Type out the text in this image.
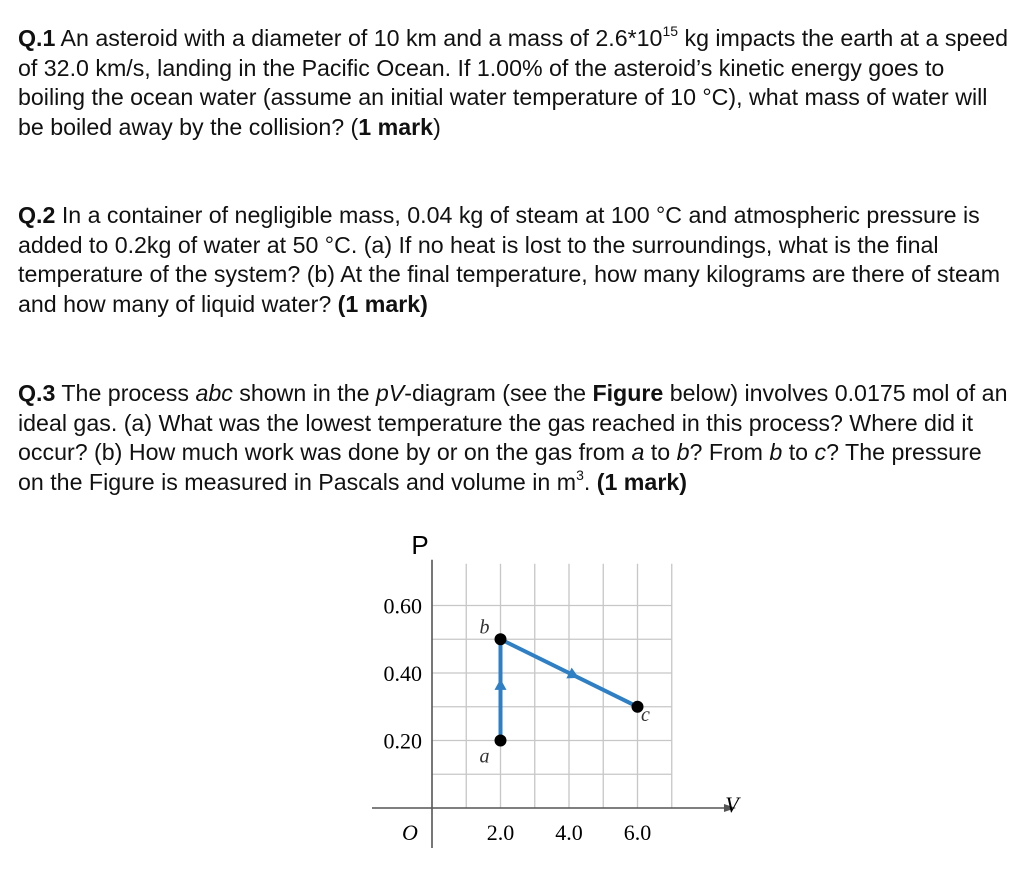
Q.1 An asteroid with a diameter of 10 km and a mass of $2.6*10^{15}$ kg impacts the earth at a speed of 32.0 km/s, landing in the Pacific Ocean. If 1.00% of the asteroid’s kinetic energy goes to boiling the ocean water (assume an initial water temperature of 10 °C), what mass of water will be boiled away by the collision? (1 mark)

Q.2 In a container of negligible mass, 0.04 kg of steam at 100 °C and atmospheric pressure is added to 0.2kg of water at 50 °C. (a) If no heat is lost to the surroundings, what is the final temperature of the system? (b) At the final temperature, how many kilograms are there of steam and how many of liquid water? (1 mark)

Q.3 The process abc shown in the pV-diagram (see the Figure below) involves 0.0175 mol of an ideal gas. (a) What was the lowest temperature the gas reached in this process? Where did it occur? (b) How much work was done by or on the gas from a to b? From b to c? The pressure on the Figure is measured in Pascals and volume in $m^3$. (1 mark)

P
V
O
0.20
0.40
0.60
2.0 4.0 6.0
a
b
c
